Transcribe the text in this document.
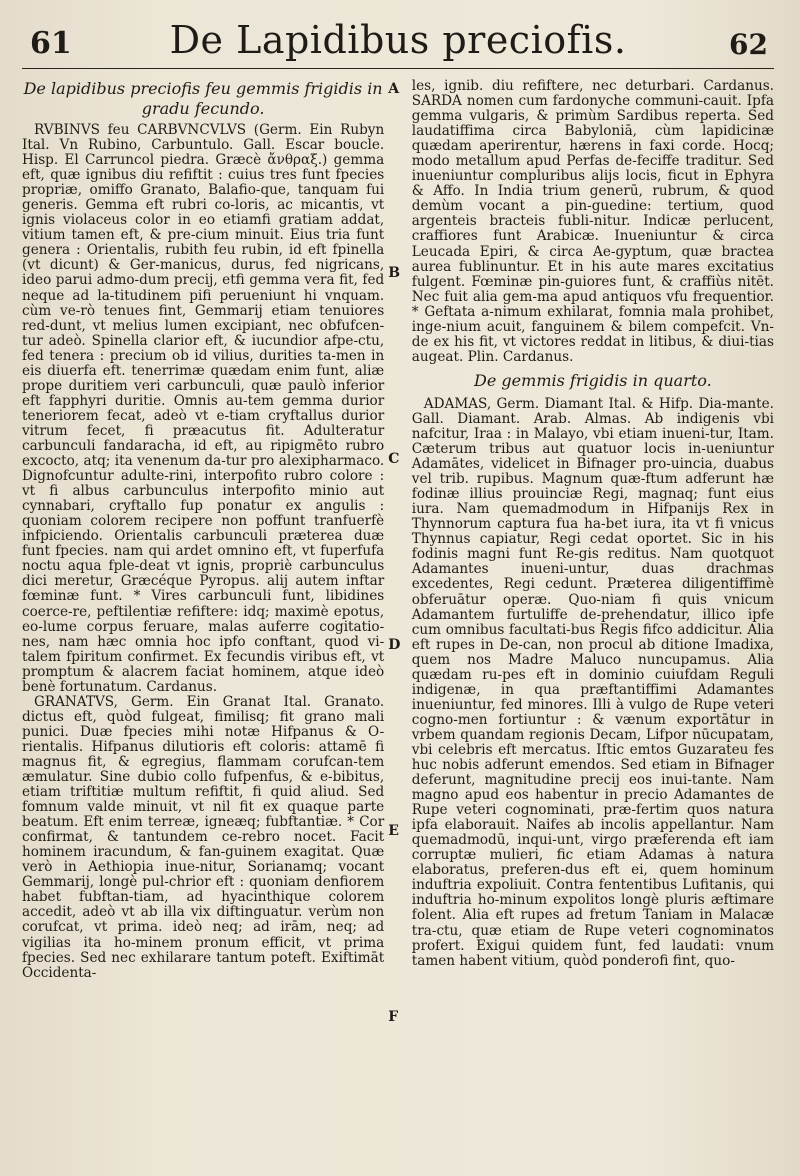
61	De Lapidibus preciofis.	62
De lapidibus preciofis feu gemmis frigidis in gradu fecundo.

RVBINVS feu CARBVNCVLVS (Germ. Ein Rubyn Ital. Vn Rubino, Carbuntulo. Gall. Escar boucle. Hisp. El Carruncol piedra. Græcè ἄνθραξ.) gemma eft, quæ ignibus diu refiftit : cuius tres funt fpecies propriæ, omiffo Granato, Balafio-que, tanquam fui generis. Gemma eft rubri co-loris, ac micantis, vt ignis violaceus color in eo etiamfi gratiam addat, vitium tamen eft, & pre-cium minuit. Eius tria funt genera : Orientalis, rubith feu rubin, id eft fpinella (vt dicunt) & Ger-manicus, durus, fed nigricans, ideo parui admo-dum precij, etfi gemma vera fit, fed neque ad la-titudinem pifi perueniunt hi vnquam. cùm ve-rò tenues fint, Gemmarij etiam tenuiores red-dunt, vt melius lumen excipiant, nec obfufcen-tur adeò. Spinella clarior eft, & iucundior afpe-ctu, fed tenera : precium ob id vilius, durities ta-men in eis diuerfa eft. tenerrimæ quædam enim funt, aliæ prope duritiem veri carbunculi, quæ paulò inferior eft fapphyri duritie. Omnis au-tem gemma durior teneriorem fecat, adeò vt e-tiam cryftallus durior vitrum fecet, fi præacutus fit. Adulteratur carbunculi fandaracha, id eft, au ripigmēto rubro excocto, atq; ita venenum da-tur pro alexipharmaco. Dignofcuntur adulte-rini, interpofito rubro colore : vt fi albus carbunculus interpofito minio aut cynnabari, cryftallo fup ponatur ex angulis : quoniam colorem recipere non poffunt tranfuerfè infpiciendo. Orientalis carbunculi præterea duæ funt fpecies. nam qui ardet omnino eft, vt fuperfufa noctu aqua fple-deat vt ignis, propriè carbunculus dici meretur, Græcéque Pyropus. alij autem inftar fœminæ funt. * Vires carbunculi funt, libidines coerce-re, peftilentiæ refiftere: idq; maximè epotus, eo-lume corpus feruare, malas auferre cogitatio-nes, nam hæc omnia hoc ipfo conftant, quod vi-talem fpiritum confirmet. Ex fecundis viribus eft, vt promptum & alacrem faciat hominem, atque ideò benè fortunatum. Cardanus.

GRANATVS, Germ. Ein Granat Ital. Granato. dictus eft, quòd fulgeat, fimilisq; fit grano mali punici. Duæ fpecies mihi notæ Hifpanus & O-rientalis. Hifpanus dilutioris eft coloris: attamē fi magnus fit, & egregius, flammam corufcan-tem æmulatur. Sine dubio collo fufpenfus, & e-bibitus, etiam triftitiæ multum refiftit, fi quid aliud. Sed fomnum valde minuit, vt nil fit ex quaque parte beatum. Eft enim terreæ, igneæq; fubftantiæ. * Cor confirmat, & tantundem ce-rebro nocet. Facit hominem iracundum, & fan-guinem exagitat. Quæ verò in Aethiopia inue-nitur, Sorianamq; vocant Gemmarij, longè pul-chrior eft : quoniam denfiorem habet fubftan-tiam, ad hyacinthique colorem accedit, adeò vt ab illa vix diftinguatur. verùm non corufcat, vt prima. ideò neq; ad irām, neq; ad vigilias ita ho-minem pronum efficit, vt prima fpecies. Sed nec exhilarare tantum poteft. Exiftimāt Occidenta-

A
B
C
D
E
F

les, ignib. diu refiftere, nec deturbari. Cardanus. SARDA nomen cum fardonyche communi-cauit. Ipfa gemma vulgaris, & primùm Sardibus reperta. Sed laudatiffima circa Babyloniā, cùm lapidicinæ quædam aperirentur, hærens in faxi corde. Hocq; modo metallum apud Perfas de-feciffe traditur. Sed inueniuntur compluribus alijs locis, ficut in Ephyra & Affo. In India trium generū, rubrum, & quod demùm vocant a pin-guedine: tertium, quod argenteis bracteis fubli-nitur. Indicæ perlucent, craffiores funt Arabicæ. Inueniuntur & circa Leucada Epiri, & circa Ae-gyptum, quæ bractea aurea fublinuntur. Et in his aute mares excitatius fulgent. Fœminæ pin-guiores funt, & craffiùs nitēt. Nec fuit alia gem-ma apud antiquos vfu frequentior. * Geftata a-nimum exhilarat, fomnia mala prohibet, inge-nium acuit, fanguinem & bilem compefcit. Vn-de ex his fit, vt victores reddat in litibus, & diui-tias augeat. Plin. Cardanus.

De gemmis frigidis in quarto.

ADAMAS, Germ. Diamant Ital. & Hifp. Dia-mante. Gall. Diamant. Arab. Almas. Ab indigenis vbi nafcitur, Iraa : in Malayo, vbi etiam inueni-tur, Itam. Cæterum tribus aut quatuor locis in-ueniuntur Adamātes, videlicet in Bifnager pro-uincia, duabus vel trib. rupibus. Magnum quæ-ftum adferunt hæ fodinæ illius prouinciæ Regi, magnaq; funt eius iura. Nam quemadmodum in Hifpanijs Rex in Thynnorum captura fua ha-bet iura, ita vt fi vnicus Thynnus capiatur, Regi cedat oportet. Sic in his fodinis magni funt Re-gis reditus. Nam quotquot Adamantes inueni-untur, duas drachmas excedentes, Regi cedunt. Præterea diligentiffimè obferuātur operæ. Quo-niam fi quis vnicum Adamantem furtuliffe de-prehendatur, illico ipfe cum omnibus facultati-bus Regis fifco addicitur. Alia eft rupes in De-can, non procul ab ditione Imadixa, quem nos Madre Maluco nuncupamus. Alia quædam ru-pes eft in dominio cuiufdam Reguli indigenæ, in qua præftantiffimi Adamantes inueniuntur, fed minores. Illi à vulgo de Rupe veteri cogno-men fortiuntur : & vænum exportātur in vrbem quandam regionis Decam, Lifpor nūcupatam, vbi celebris eft mercatus. Iftic emtos Guzarateu fes huc nobis adferunt emendos. Sed etiam in Bifnager deferunt, magnitudine precij eos inui-tante. Nam magno apud eos habentur in precio Adamantes de Rupe veteri cognominati, præ-fertim quos natura ipfa elaborauit. Naifes ab incolis appellantur. Nam quemadmodū, inqui-unt, virgo præferenda eft iam corruptæ mulieri, fic etiam Adamas à natura elaboratus, preferen-dus eft ei, quem hominum induftria expoliuit. Contra fententibus Lufitanis, qui induftria ho-minum expolitos longè pluris æftimare folent. Alia eft rupes ad fretum Taniam in Malacæ tra-ctu, quæ etiam de Rupe veteri cognominatos profert. Exigui quidem funt, fed laudati: vnum tamen habent vitium, quòd ponderofi fint, quo-
